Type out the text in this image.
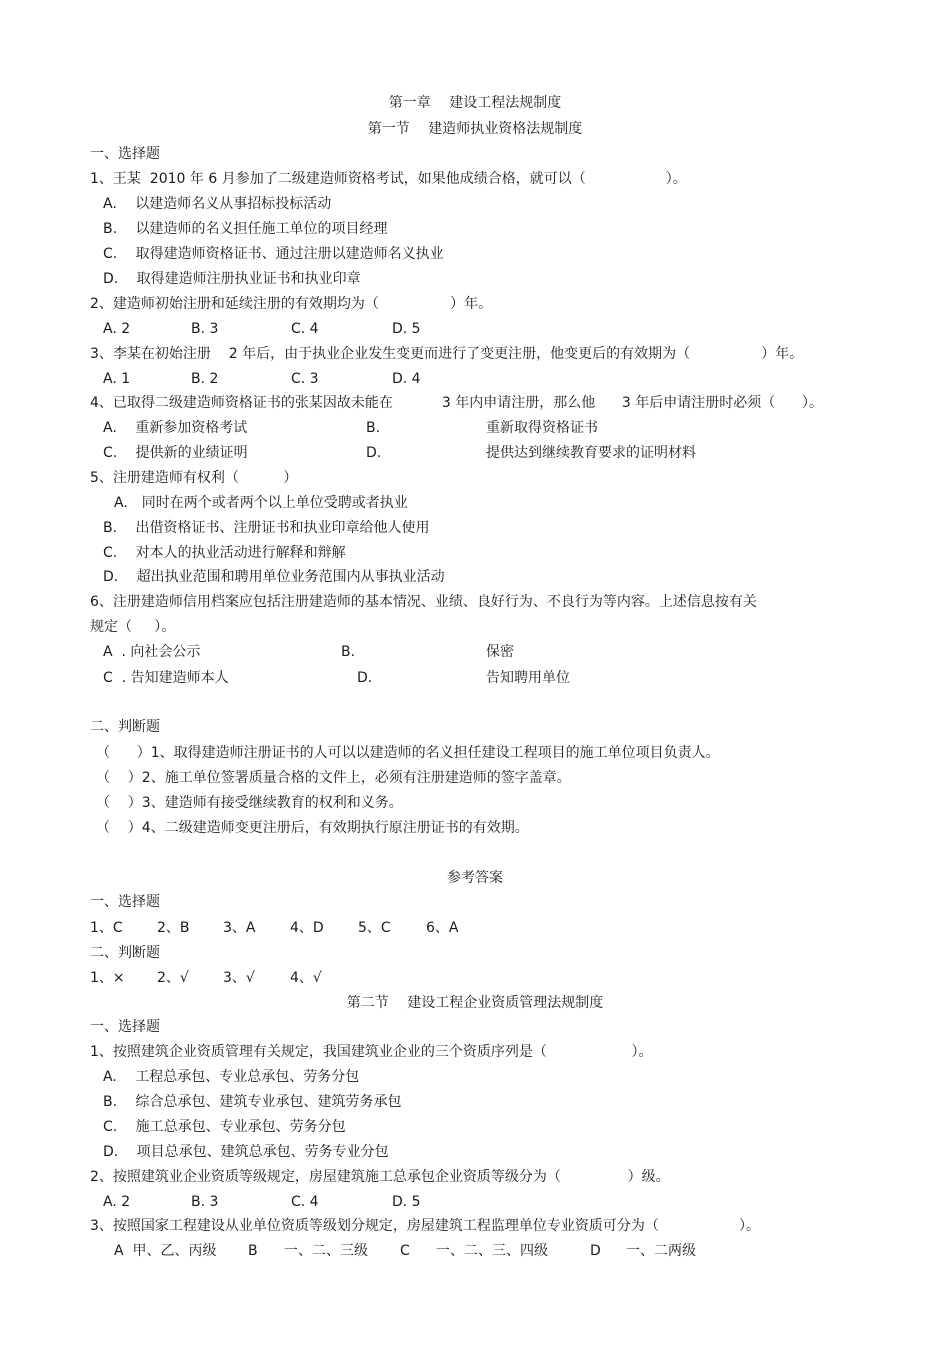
第一章　 建设工程法规制度
第一节　 建造师执业资格法规制度
一、选择题
1、王某  2010 年 6 月参加了二级建造师资格考试，如果他成绩合格，就可以（                  ）。
A.　 以建造师名义从事招标投标活动
B.　 以建造师的名义担任施工单位的项目经理
C.　 取得建造师资格证书、通过注册以建造师名义执业
D.　 取得建造师注册执业证书和执业印章
2、建造师初始注册和延续注册的有效期均为（                ）年。
A. 2	B. 3	C. 4	D. 5
3、李某在初始注册    2 年后，由于执业企业发生变更而进行了变更注册，他变更后的有效期为（                ）年。
A. 1	B. 2	C. 3	D. 4
4、已取得二级建造师资格证书的张某因故未能在           3 年内申请注册，那么他      3 年后申请注册时必须（      ）。
A.　 重新参加资格考试	B.	重新取得资格证书
C.　 提供新的业绩证明	D.	提供达到继续教育要求的证明材料
5、注册建造师有权利（          ）
A.　同时在两个或者两个以上单位受聘或者执业
B.　 出借资格证书、注册证书和执业印章给他人使用
C.　 对本人的执业活动进行解释和辩解
D.　 超出执业范围和聘用单位业务范围内从事执业活动
6、注册建造师信用档案应包括注册建造师的基本情况、业绩、良好行为、不良行为等内容。上述信息按有关
规定（     ）。
A  . 向社会公示	B.	保密
C  . 告知建造师本人	D.	告知聘用单位
二、判断题
（      ）1、取得建造师注册证书的人可以以建造师的名义担任建设工程项目的施工单位项目负责人。
（    ）2、施工单位签署质量合格的文件上，必须有注册建造师的签字盖章。
（    ）3、建造师有接受继续教育的权利和义务。
（    ）4、二级建造师变更注册后，有效期执行原注册证书的有效期。
参考答案
一、选择题
1、C 2、B 3、A 4、D 5、C	6、A
二、判断题
1、× 2、√ 3、√	4、√
第二节　 建设工程企业资质管理法规制度
一、选择题
1、按照建筑企业资质管理有关规定，我国建筑业企业的三个资质序列是（                   ）。
A.　 工程总承包、专业总承包、劳务分包
B.　 综合总承包、建筑专业承包、建筑劳务承包
C.　 施工总承包、专业承包、劳务分包
D.　 项目总承包、建筑总承包、劳务专业分包
2、按照建筑业企业资质等级规定，房屋建筑施工总承包企业资质等级分为（               ）级。
A. 2	B. 3	C. 4	D. 5
3、按照国家工程建设从业单位资质等级划分规定，房屋建筑工程监理单位专业资质可分为（                  ）。
A  甲、乙、丙级 B 一、二、三级 C 一、二、三、四级	D 一、二两级
